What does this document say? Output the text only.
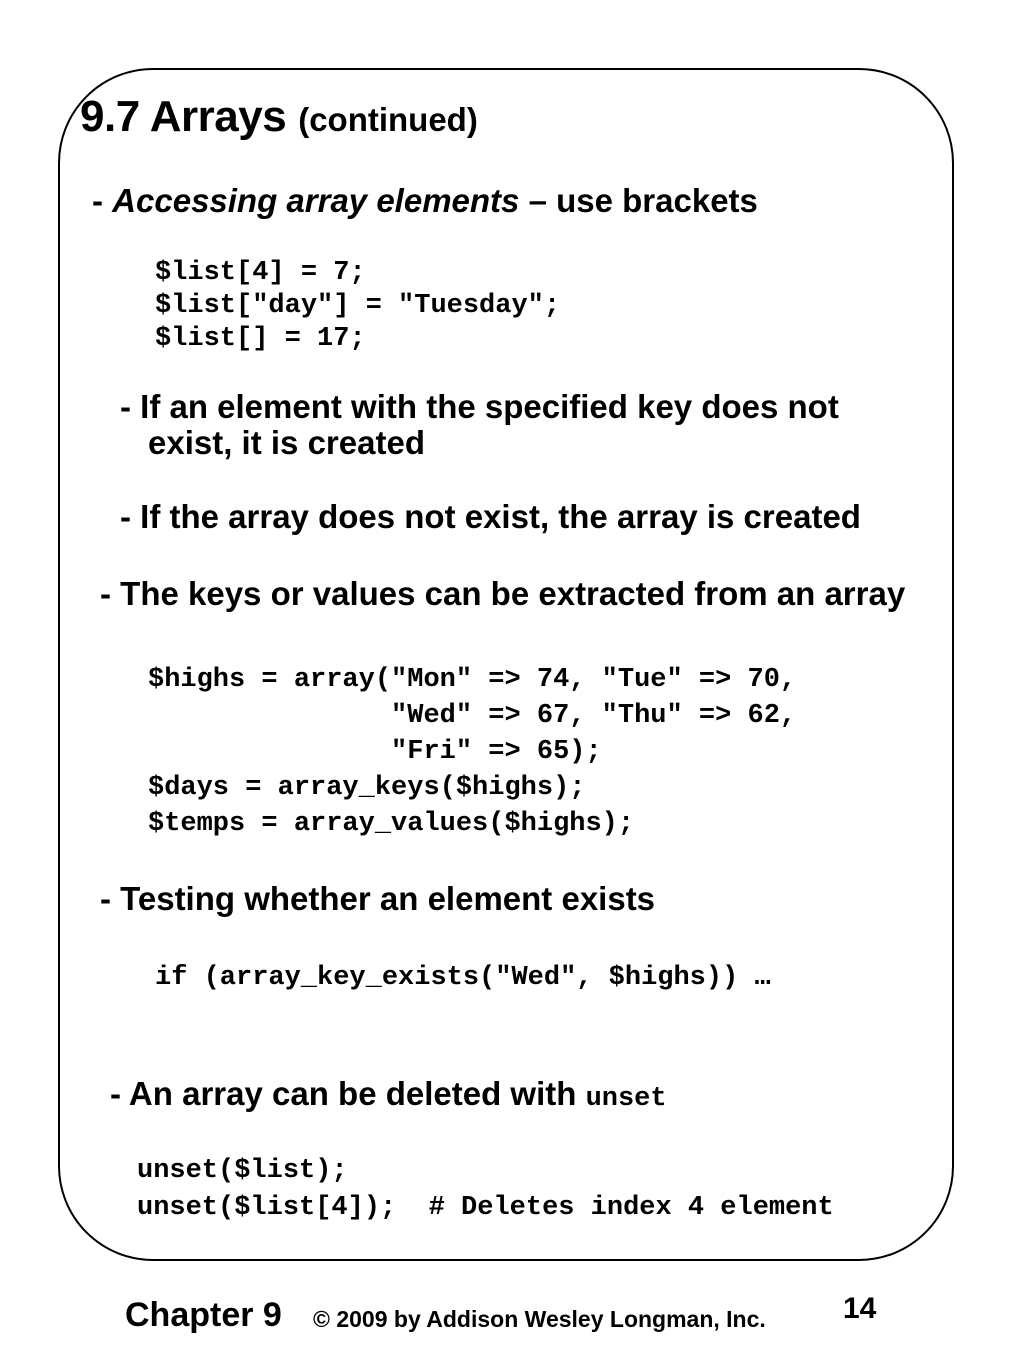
9.7 Arrays (continued)
- Accessing array elements – use brackets
$list[4] = 7;
$list["day"] = "Tuesday";
$list[] = 17;
- If an element with the specified key does not
exist, it is created
- If the array does not exist, the array is created
- The keys or values can be extracted from an array
$highs = array("Mon" => 74, "Tue" => 70,
"Wed" => 67, "Thu" => 62,
"Fri" => 65);
$days = array_keys($highs);
$temps = array_values($highs);
- Testing whether an element exists
if (array_key_exists("Wed", $highs)) …
- An array can be deleted with unset
unset($list);
unset($list[4]);  # Deletes index 4 element
Chapter 9 © 2009 by Addison Wesley Longman, Inc.	14
